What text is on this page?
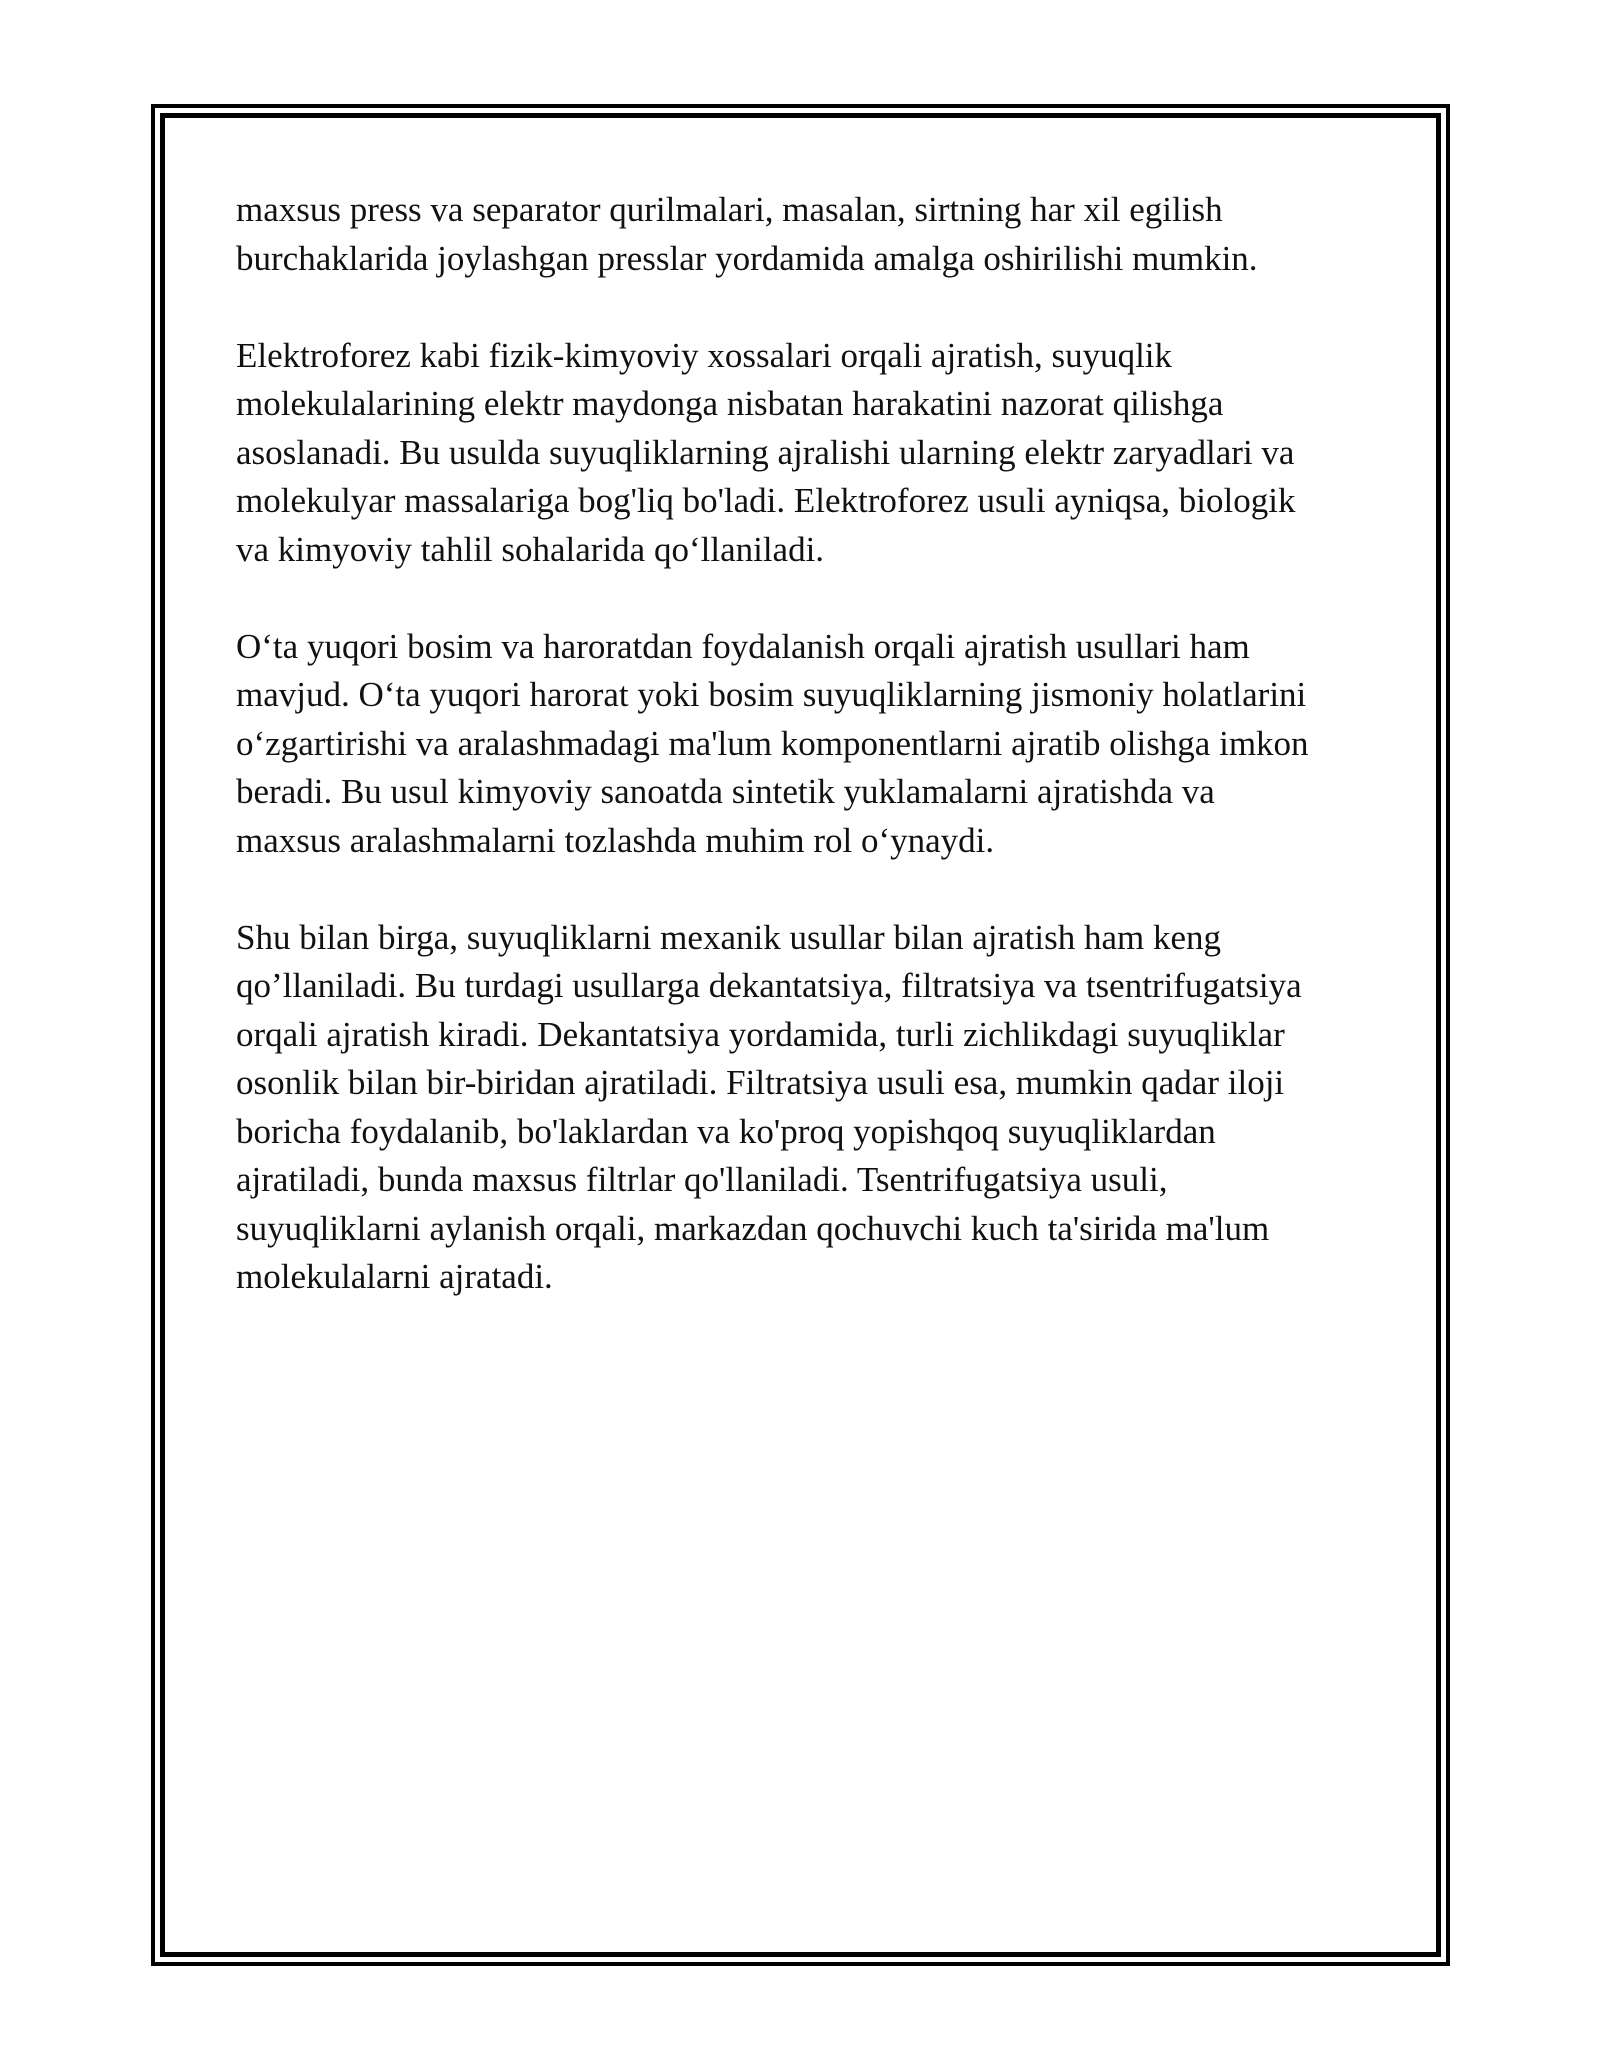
maxsus press va separator qurilmalari, masalan, sirtning har xil egilish
burchaklarida joylashgan presslar yordamida amalga oshirilishi mumkin.

Elektroforez kabi fizik-kimyoviy xossalari orqali ajratish, suyuqlik
molekulalarining elektr maydonga nisbatan harakatini nazorat qilishga
asoslanadi. Bu usulda suyuqliklarning ajralishi ularning elektr zaryadlari va
molekulyar massalariga bog'liq bo'ladi. Elektroforez usuli ayniqsa, biologik
va kimyoviy tahlil sohalarida qo‘llaniladi.

O‘ta yuqori bosim va haroratdan foydalanish orqali ajratish usullari ham
mavjud. O‘ta yuqori harorat yoki bosim suyuqliklarning jismoniy holatlarini
o‘zgartirishi va aralashmadagi ma'lum komponentlarni ajratib olishga imkon
beradi. Bu usul kimyoviy sanoatda sintetik yuklamalarni ajratishda va
maxsus aralashmalarni tozlashda muhim rol o‘ynaydi.

Shu bilan birga, suyuqliklarni mexanik usullar bilan ajratish ham keng
qo’llaniladi. Bu turdagi usullarga dekantatsiya, filtratsiya va tsentrifugatsiya
orqali ajratish kiradi. Dekantatsiya yordamida, turli zichlikdagi suyuqliklar
osonlik bilan bir-biridan ajratiladi. Filtratsiya usuli esa, mumkin qadar iloji
boricha foydalanib, bo'laklardan va ko'proq yopishqoq suyuqliklardan
ajratiladi, bunda maxsus filtrlar qo'llaniladi. Tsentrifugatsiya usuli,
suyuqliklarni aylanish orqali, markazdan qochuvchi kuch ta'sirida ma'lum
molekulalarni ajratadi.
